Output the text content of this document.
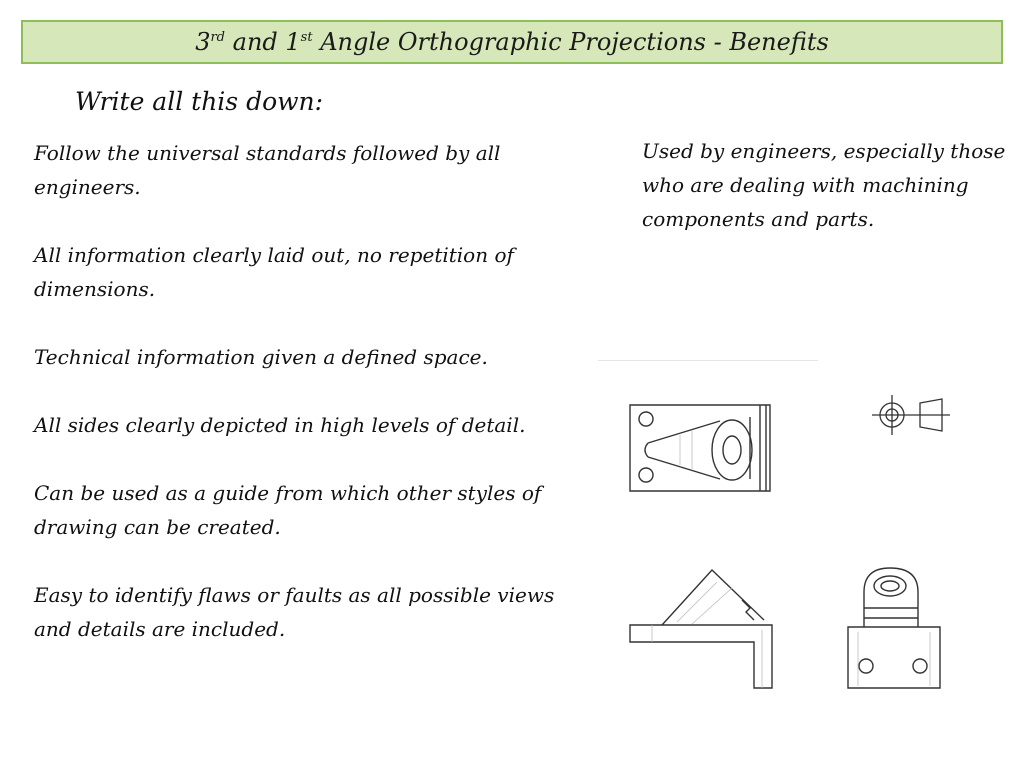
3rd and 1st Angle Orthographic Projections - Benefits
Write all this down:
Follow the universal standards followed by all engineers.
All information clearly laid out, no repetition of dimensions.
Technical information given a defined space.
All sides clearly depicted in high levels of detail.
Can be used as a guide from which other styles of drawing can be created.
Easy to identify flaws or faults as all possible views and details are included.
Used by engineers, especially those who are dealing with machining components and parts.
